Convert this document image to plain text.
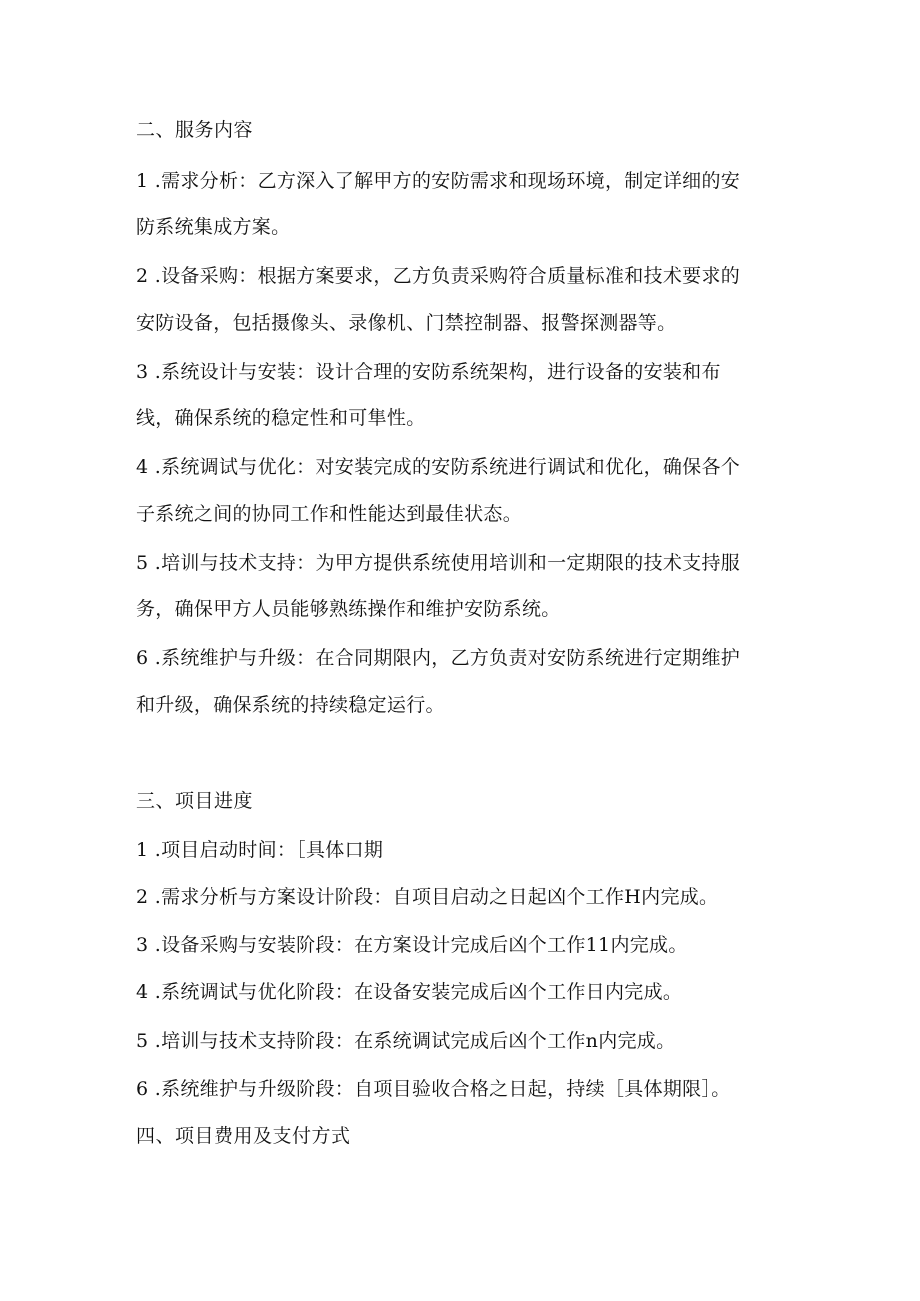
二、服务内容
1 .需求分析：乙方深入了解甲方的安防需求和现场环境，制定详细的安
防系统集成方案。
2 .设备采购：根据方案要求，乙方负责采购符合质量标准和技术要求的
安防设备，包括摄像头、录像机、门禁控制器、报警探测器等。
3 .系统设计与安装：设计合理的安防系统架构，进行设备的安装和布
线，确保系统的稳定性和可隼性。
4 .系统调试与优化：对安装完成的安防系统进行调试和优化，确保各个
子系统之间的协同工作和性能达到最佳状态。
5 .培训与技术支持：为甲方提供系统使用培训和一定期限的技术支持服
务，确保甲方人员能够熟练操作和维护安防系统。
6 .系统维护与升级：在合同期限内，乙方负责对安防系统进行定期维护
和升级，确保系统的持续稳定运行。
三、项目进度
1 .项目启动时间：［具体口期
2 .需求分析与方案设计阶段：自项目启动之日起凶个工作H内完成。
3 .设备采购与安装阶段：在方案设计完成后凶个工作11内完成。
4 .系统调试与优化阶段：在设备安装完成后凶个工作日内完成。
5 .培训与技术支持阶段：在系统调试完成后凶个工作n内完成。
6 .系统维护与升级阶段：自项目验收合格之日起，持续［具体期限］。
四、项目费用及支付方式
